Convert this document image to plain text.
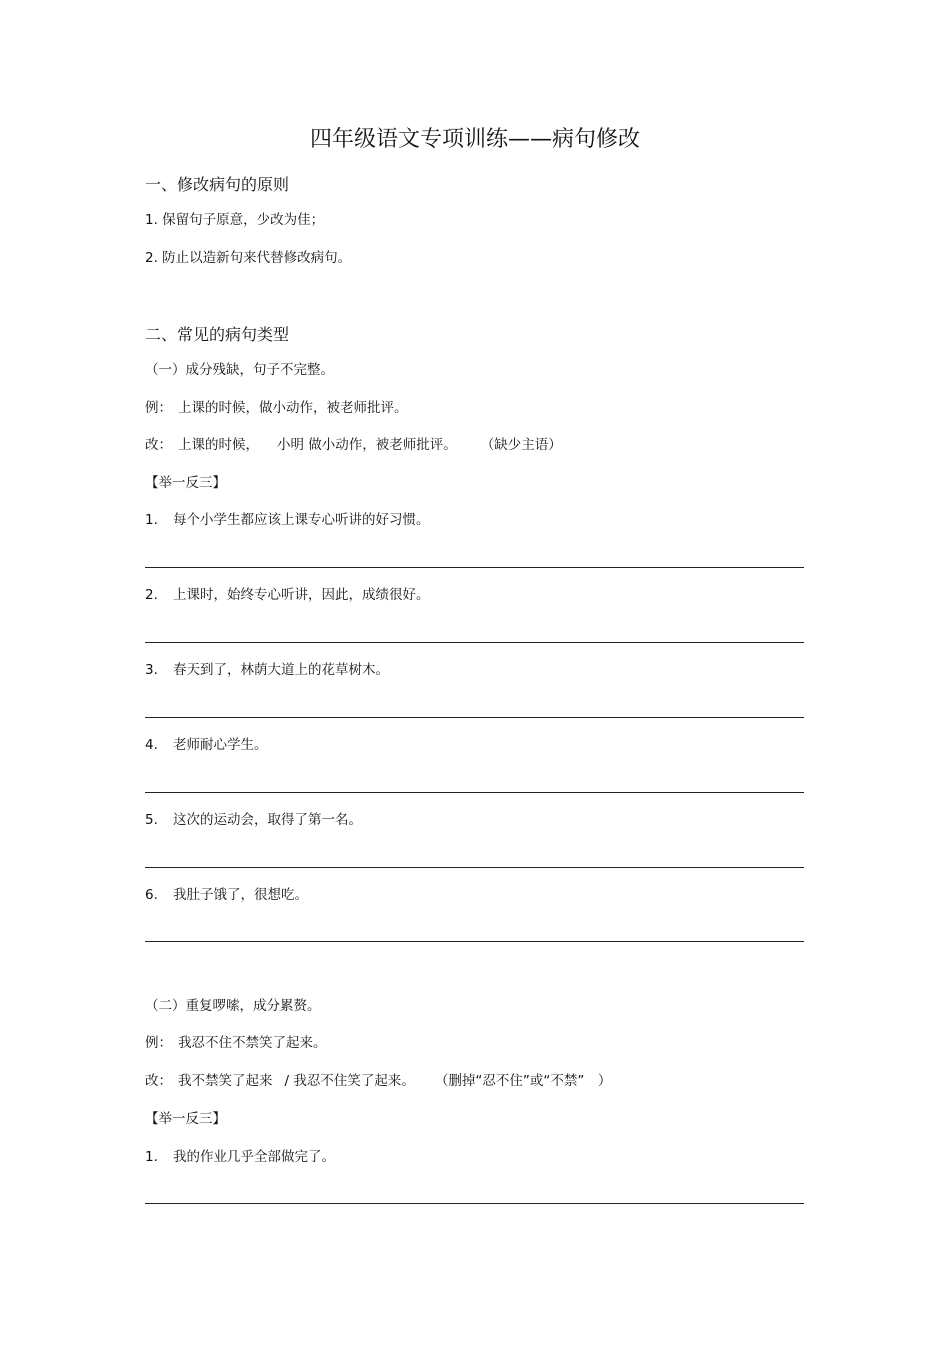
四年级语文专项训练——病句修改
一、修改病句的原则
1. 保留句子原意，少改为佳；
2. 防止以造新句来代替修改病句。
二、常见的病句类型
（一）成分残缺，句子不完整。
例： 上课的时候，做小动作，被老师批评。
改： 上课的时候， 小明 做小动作，被老师批评。 （缺少主语）
【举一反三】
1. 每个小学生都应该上课专心听讲的好习惯。
2. 上课时，始终专心听讲，因此，成绩很好。
3. 春天到了，林荫大道上的花草树木。
4. 老师耐心学生。
5. 这次的运动会，取得了第一名。
6. 我肚子饿了，很想吃。
（二）重复啰嗦，成分累赘。
例： 我忍不住不禁笑了起来。
改： 我不禁笑了起来 / 我忍不住笑了起来。 （删掉“忍不住”或“不禁”　）
【举一反三】
1. 我的作业几乎全部做完了。
